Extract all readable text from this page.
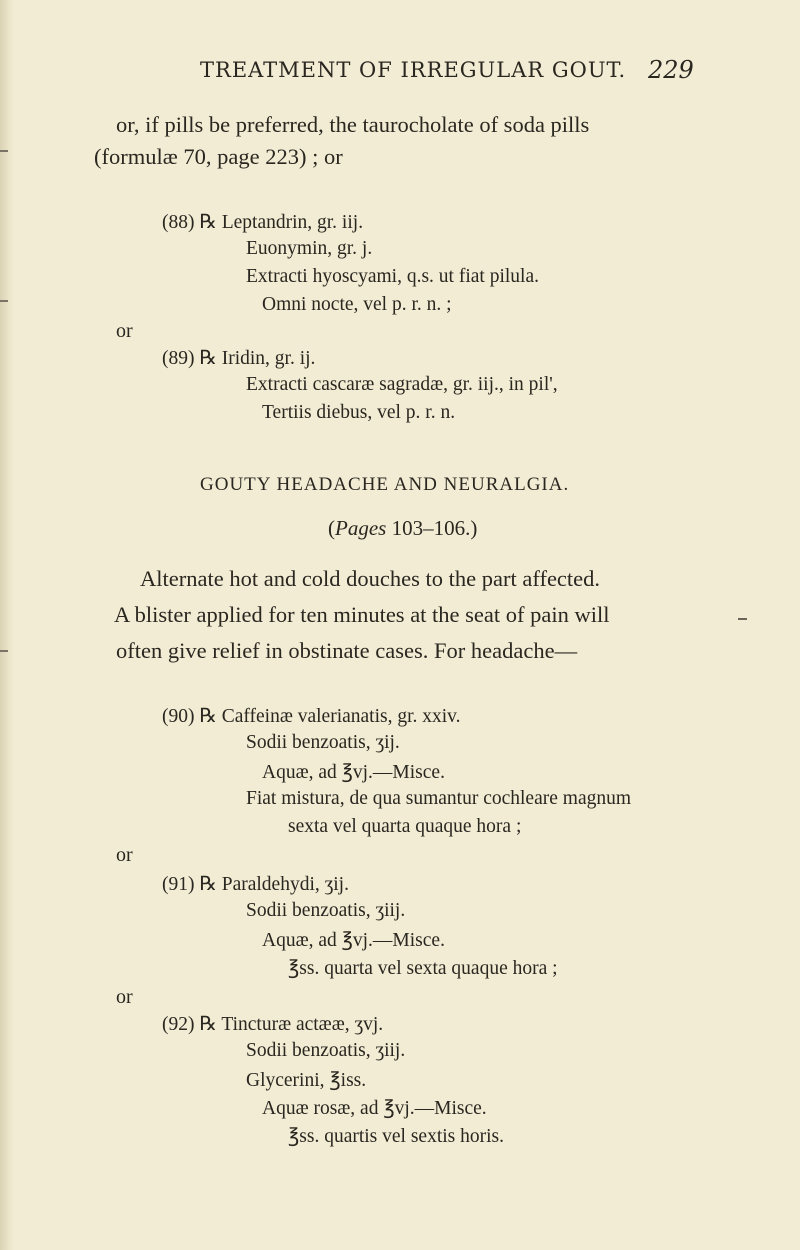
TREATMENT OF IRREGULAR GOUT. 229
or, if pills be preferred, the taurocholate of soda pills
(formulæ 70, page 223) ; or
(88) ℞ Leptandrin, gr. iij.
Euonymin, gr. j.
Extracti hyoscyami, q.s. ut fiat pilula.
Omni nocte, vel p. r. n. ;
or
(89) ℞ Iridin, gr. ij.
Extracti cascaræ sagradæ, gr. iij., in pil',
Tertiis diebus, vel p. r. n.
GOUTY HEADACHE AND NEURALGIA.
(Pages 103–106.)
Alternate hot and cold douches to the part affected.
A blister applied for ten minutes at the seat of pain will
often give relief in obstinate cases. For headache—
(90) ℞ Caffeinæ valerianatis, gr. xxiv.
Sodii benzoatis, ʒij.
Aquæ, ad ℥vj.—Misce.
Fiat mistura, de qua sumantur cochleare magnum
sexta vel quarta quaque hora ;
or
(91) ℞ Paraldehydi, ʒij.
Sodii benzoatis, ʒiij.
Aquæ, ad ℥vj.—Misce.
℥ss. quarta vel sexta quaque hora ;
or
(92) ℞ Tincturæ actææ, ʒvj.
Sodii benzoatis, ʒiij.
Glycerini, ℥iss.
Aquæ rosæ, ad ℥vj.—Misce.
℥ss. quartis vel sextis horis.
